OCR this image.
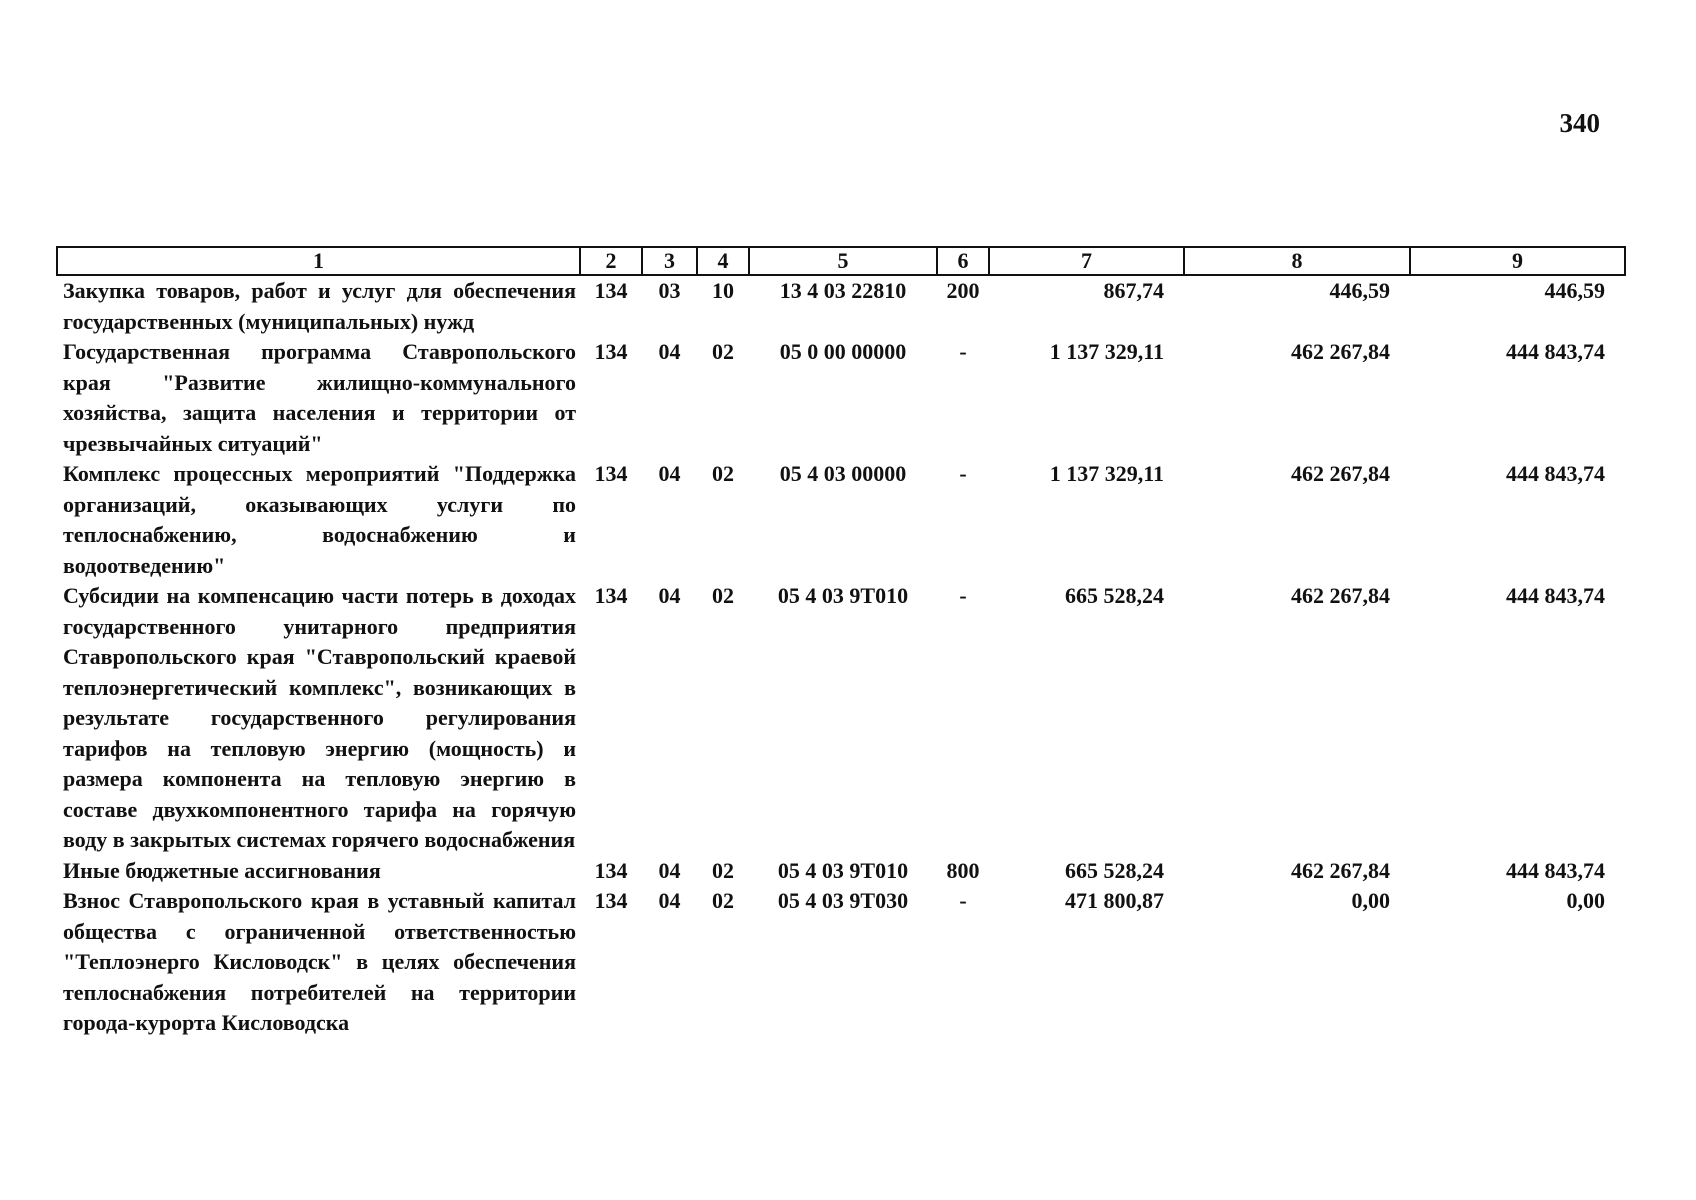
340
1	2	3	4	5	6	7	8	9
Закупка товаров, работ и услуг для обеспечения государственных (муниципальных) нужд	134	03	10	13 4 03 22810	200	867,74	446,59	446,59
Государственная программа Ставропольского края "Развитие жилищно-коммунального хозяйства, защита населения и территории от чрезвычайных ситуаций"	134	04	02	05 0 00 00000	-	1 137 329,11	462 267,84	444 843,74
Комплекс процессных мероприятий "Поддержка организаций, оказывающих услуги по теплоснабжению, водоснабжению и водоотведению"	134	04	02	05 4 03 00000	-	1 137 329,11	462 267,84	444 843,74
Субсидии на компенсацию части потерь в доходах государственного унитарного предприятия Ставропольского края "Ставропольский краевой теплоэнергетический комплекс", возникающих в результате государственного регулирования тарифов на тепловую энергию (мощность) и размера компонента на тепловую энергию в составе двухкомпонентного тарифа на горячую воду в закрытых системах горячего водоснабжения	134	04	02	05 4 03 9Т010	-	665 528,24	462 267,84	444 843,74
Иные бюджетные ассигнования	134	04	02	05 4 03 9Т010	800	665 528,24	462 267,84	444 843,74
Взнос Ставропольского края в уставный капитал общества с ограниченной ответственностью "Теплоэнерго Кисловодск" в целях обеспечения теплоснабжения потребителей на территории города-курорта Кисловодска	134	04	02	05 4 03 9Т030	-	471 800,87	0,00	0,00
